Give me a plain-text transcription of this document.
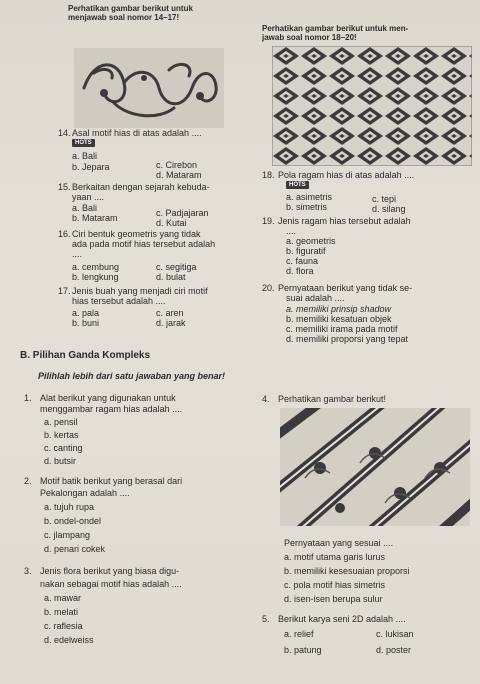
Perhatikan gambar berikut untuk
menjawab soal nomor 14–17!
Perhatikan gambar berikut untuk men-
jawab soal nomor 18–20!
14. Asal motif hias di atas adalah ....
HOTS
a. Bali
b. Jepara	c. Cirebon
d. Mataram
15. Berkaitan dengan sejarah kebuda-
yaan ....
a. Bali
b. Mataram	c. Padjajaran
d. Kutai
16. Ciri bentuk geometris yang tidak
ada pada motif hias tersebut adalah
....
a. cembung
b. lengkung
c. segitiga
d. bulat
17. Jenis buah yang menjadi ciri motif
hias tersebut adalah ....
a. pala
b. buni
c. aren
d. jarak
18. Pola ragam hias di atas adalah ....
HOTS
a. asimetris
b. simetris
c. tepi
d. silang
19. Jenis ragam hias tersebut adalah
....
a. geometris
b. figuratif
c. fauna
d. flora
20. Pernyataan berikut yang tidak se-
suai adalah ....
a. memiliki prinsip shadow
b. memiliki kesatuan objek
c. memiliki irama pada motif
d. memiliki proporsi yang tepat
B. Pilihan Ganda Kompleks
Pilihlah lebih dari satu jawaban yang benar!
1. Alat berikut yang digunakan untuk
menggambar ragam hias adalah ....
a. pensil
b. kertas
c. canting
d. butsir
2. Motif batik berikut yang berasal dari
Pekalongan adalah ....
a. tujuh rupa
b. ondel-ondel
c. jlampang
d. penari cokek
3. Jenis flora berikut yang biasa digu-
nakan sebagai motif hias adalah ....
a. mawar
b. melati
c. raflesia
d. edelweiss
4. Perhatikan gambar berikut!
Pernyataan yang sesuai ....
a. motif utama garis lurus
b. memiliki kesesuaian proporsi
c. pola motif hias simetris
d. isen-isen berupa sulur
5. Berikut karya seni 2D adalah ....
a. relief
b. patung
c. lukisan
d. poster
